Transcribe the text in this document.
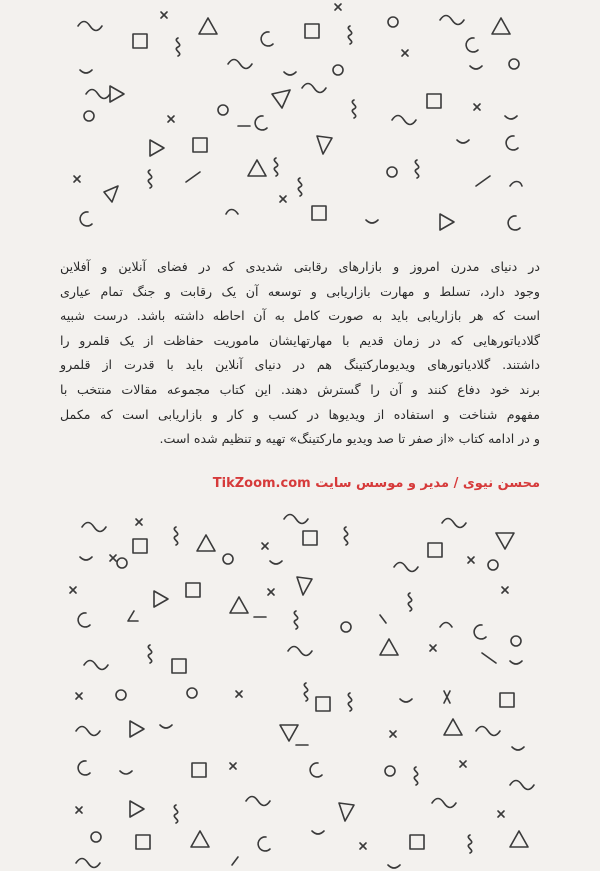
در دنیای مدرن امروز و بازارهای رقابتی شدیدی که در فضای آنلاین و آفلاین

وجود دارد، تسلط و مهارت بازاریابی و توسعه آن یک رقابت و جنگ تمام عیاری

است که هر بازاریابی باید به صورت کامل به آن احاطه داشته باشد. درست شبیه

گلادیاتورهایی که در زمان قدیم با مهارتهایشان ماموریت حفاظت از یک قلمرو را

داشتند. گلادیاتورهای ویدیومارکتینگ هم در دنیای آنلاین باید با قدرت از قلمرو

برند خود دفاع کنند و آن را گسترش دهند. این کتاب مجموعه مقالات منتخب با

مفهوم شناخت و استفاده از ویدیوها در کسب و کار و بازاریابی است که مکمل

و در ادامه کتاب «از صفر تا صد ویدیو مارکتینگ» تهیه و تنظیم شده است.

محسن نیوی / مدیر و موسس سایت TikZoom.com
